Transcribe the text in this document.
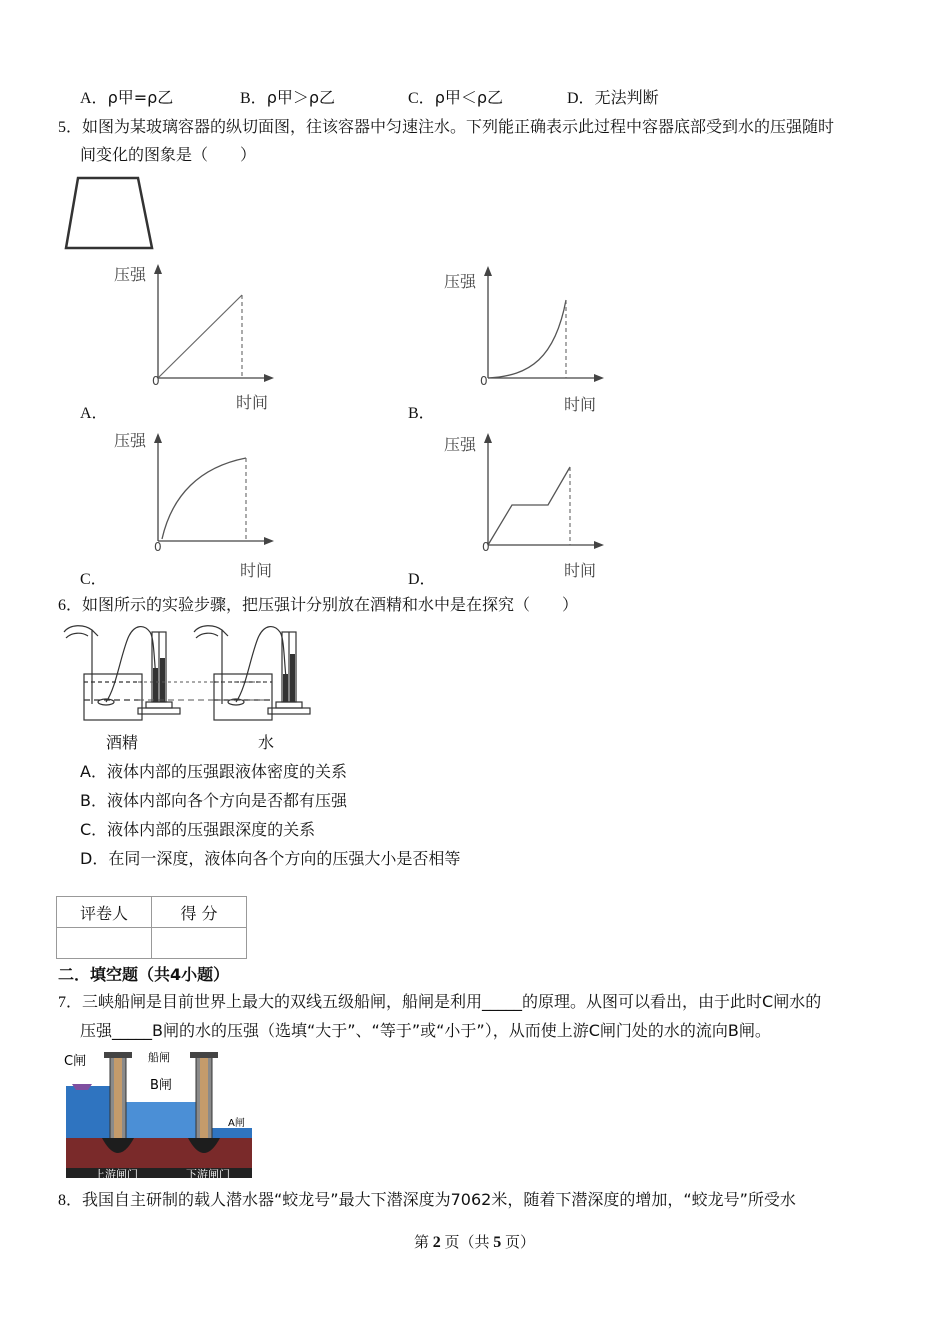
A．ρ甲=ρ乙	B．ρ甲＞ρ乙	C．ρ甲＜ρ乙	D．无法判断
5．如图为某玻璃容器的纵切面图，往该容器中匀速注水。下列能正确表示此过程中容器底部受到水的压强随时
间变化的图象是（　　）
压强
时间
0
A．
压强
时间
0
B．
压强
时间
0
C．
压强
时间
0
D．
6．如图所示的实验步骤，把压强计分别放在酒精和水中是在探究（　　）
酒精	水
A．液体内部的压强跟液体密度的关系
B．液体内部向各个方向是否都有压强
C．液体内部的压强跟深度的关系
D．在同一深度，液体向各个方向的压强大小是否相等
评卷人	得 分

二．填空题（共4小题）
7．三峡船闸是目前世界上最大的双线五级船闸，船闸是利用_____的原理。从图可以看出，由于此时C闸水的
压强_____B闸的水的压强（选填“大于”、“等于”或“小于”），从而使上游C闸门处的水的流向B闸。
C闸	船闸
B闸
A闸
上游闸门	下游闸门
8．我国自主研制的载人潜水器“蛟龙号”最大下潜深度为7062米，随着下潜深度的增加，“蛟龙号”所受水
第 2 页（共 5 页）
